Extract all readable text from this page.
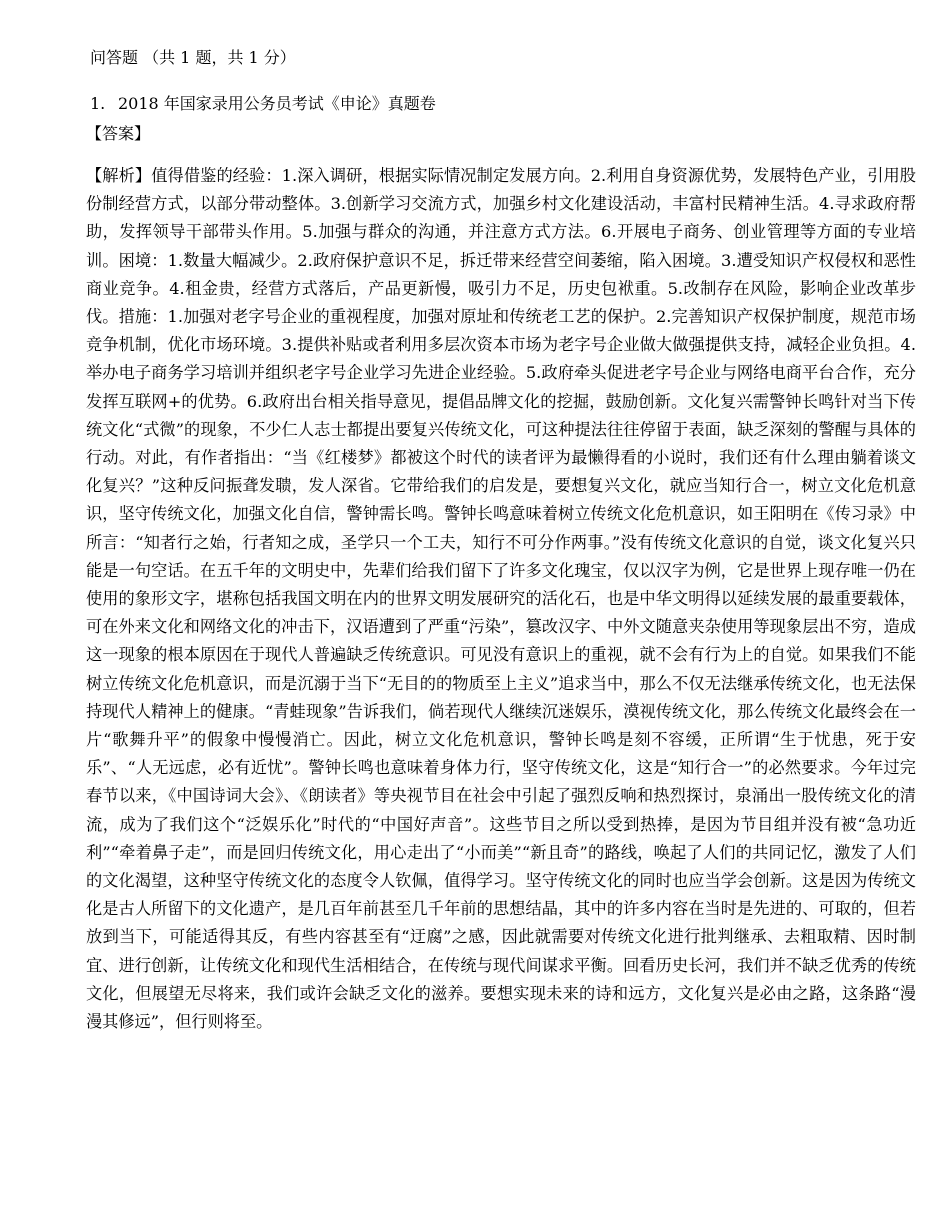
问答题 （共 1 题，共 1 分）
1. 2018 年国家录用公务员考试《申论》真题卷
【答案】
【解析】值得借鉴的经验：1.深入调研，根据实际情况制定发展方向。2.利用自身资源优势，发展特色产业，引用股份制经营方式，以部分带动整体。3.创新学习交流方式，加强乡村文化建设活动，丰富村民精神生活。4.寻求政府帮助，发挥领导干部带头作用。5.加强与群众的沟通，并注意方式方法。6.开展电子商务、创业管理等方面的专业培训。困境：1.数量大幅减少。2.政府保护意识不足，拆迁带来经营空间萎缩，陷入困境。3.遭受知识产权侵权和恶性商业竞争。4.租金贵，经营方式落后，产品更新慢，吸引力不足，历史包袱重。5.改制存在风险，影响企业改革步伐。措施：1.加强对老字号企业的重视程度，加强对原址和传统老工艺的保护。2.完善知识产权保护制度，规范市场竞争机制，优化市场环境。3.提供补贴或者利用多层次资本市场为老字号企业做大做强提供支持，减轻企业负担。4.举办电子商务学习培训并组织老字号企业学习先进企业经验。5.政府牵头促进老字号企业与网络电商平台合作，充分发挥互联网+的优势。6.政府出台相关指导意见，提倡品牌文化的挖掘，鼓励创新。文化复兴需警钟长鸣针对当下传统文化“式微”的现象，不少仁人志士都提出要复兴传统文化，可这种提法往往停留于表面，缺乏深刻的警醒与具体的行动。对此，有作者指出：“当《红楼梦》都被这个时代的读者评为最懒得看的小说时，我们还有什么理由躺着谈文化复兴？”这种反问振聋发聩，发人深省。它带给我们的启发是，要想复兴文化，就应当知行合一，树立文化危机意识，坚守传统文化，加强文化自信，警钟需长鸣。警钟长鸣意味着树立传统文化危机意识，如王阳明在《传习录》中所言：“知者行之始，行者知之成，圣学只一个工夫，知行不可分作两事。”没有传统文化意识的自觉，谈文化复兴只能是一句空话。在五千年的文明史中，先辈们给我们留下了许多文化瑰宝，仅以汉字为例，它是世界上现存唯一仍在使用的象形文字，堪称包括我国文明在内的世界文明发展研究的活化石，也是中华文明得以延续发展的最重要载体，可在外来文化和网络文化的冲击下，汉语遭到了严重“污染”，篡改汉字、中外文随意夹杂使用等现象层出不穷，造成这一现象的根本原因在于现代人普遍缺乏传统意识。可见没有意识上的重视，就不会有行为上的自觉。如果我们不能树立传统文化危机意识，而是沉溺于当下“无目的的物质至上主义”追求当中，那么不仅无法继承传统文化，也无法保持现代人精神上的健康。“青蛙现象”告诉我们，倘若现代人继续沉迷娱乐，漠视传统文化，那么传统文化最终会在一片“歌舞升平”的假象中慢慢消亡。因此，树立文化危机意识，警钟长鸣是刻不容缓，正所谓“生于忧患，死于安乐”、“人无远虑，必有近忧”。警钟长鸣也意味着身体力行，坚守传统文化，这是“知行合一”的必然要求。今年过完春节以来，《中国诗词大会》、《朗读者》等央视节目在社会中引起了强烈反响和热烈探讨，泉涌出一股传统文化的清流，成为了我们这个“泛娱乐化”时代的“中国好声音”。这些节目之所以受到热捧，是因为节目组并没有被“急功近利”“牵着鼻子走”，而是回归传统文化，用心走出了“小而美”“新且奇”的路线，唤起了人们的共同记忆，激发了人们的文化渴望，这种坚守传统文化的态度令人钦佩，值得学习。坚守传统文化的同时也应当学会创新。这是因为传统文化是古人所留下的文化遗产，是几百年前甚至几千年前的思想结晶，其中的许多内容在当时是先进的、可取的，但若放到当下，可能适得其反，有些内容甚至有“迂腐”之感，因此就需要对传统文化进行批判继承、去粗取精、因时制宜、进行创新，让传统文化和现代生活相结合，在传统与现代间谋求平衡。回看历史长河，我们并不缺乏优秀的传统文化，但展望无尽将来，我们或许会缺乏文化的滋养。要想实现未来的诗和远方，文化复兴是必由之路，这条路“漫漫其修远”，但行则将至。
